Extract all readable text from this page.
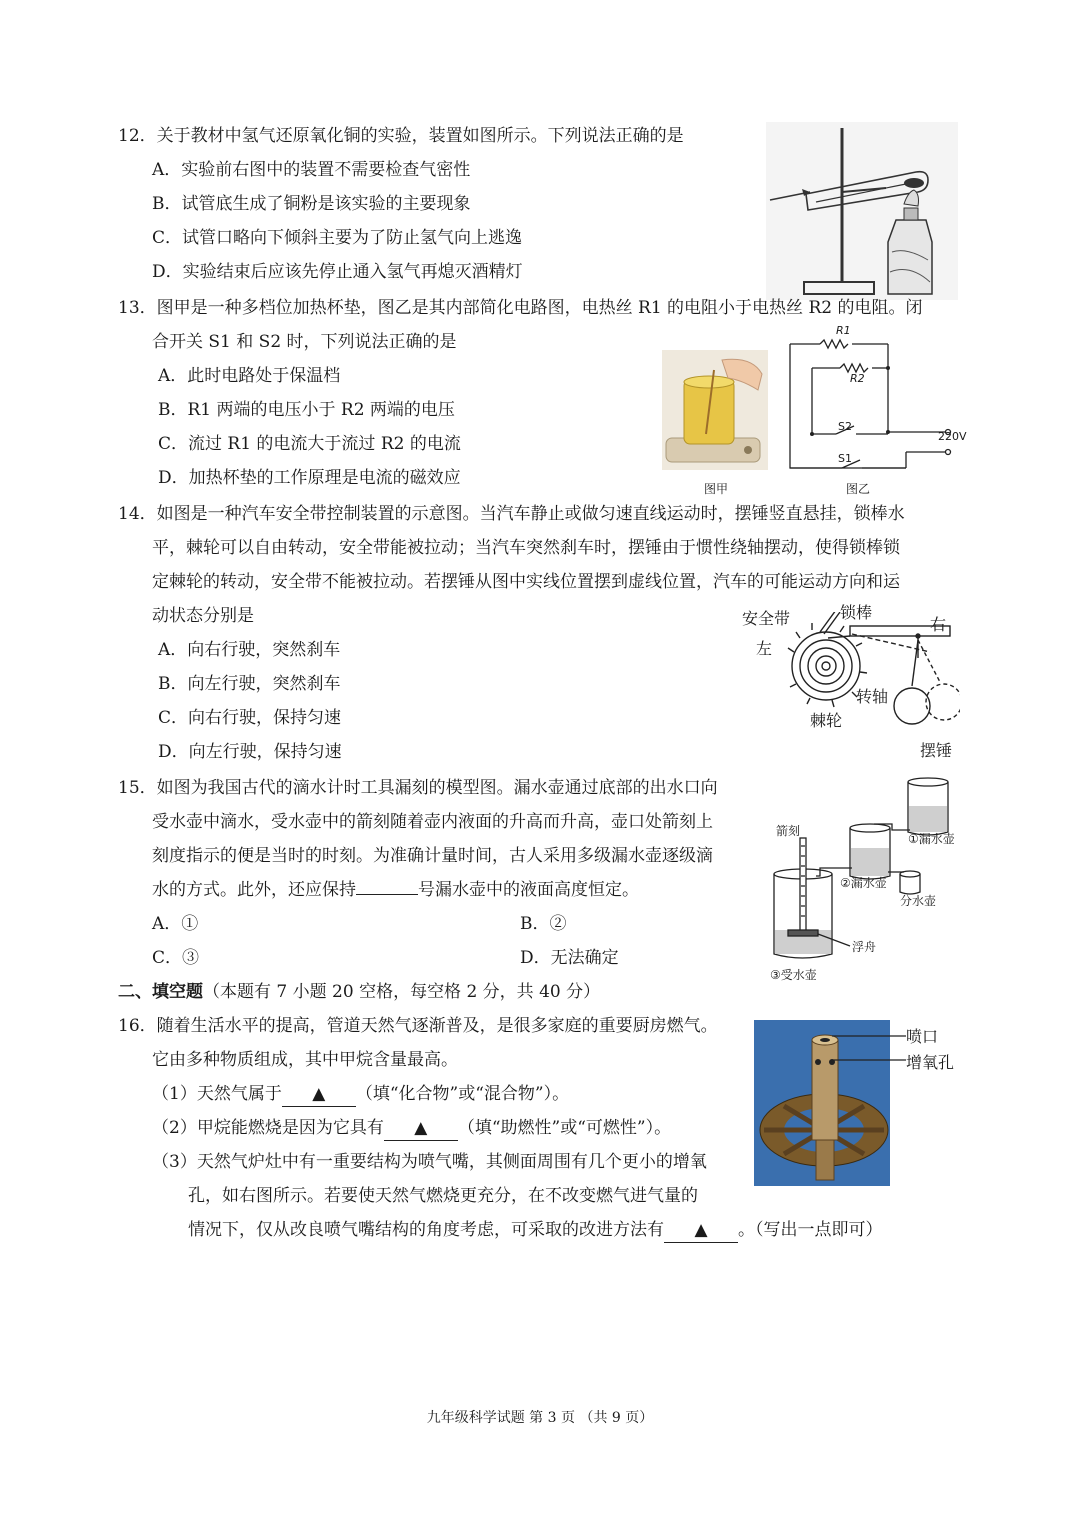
12．关于教材中氢气还原氧化铜的实验，装置如图所示。下列说法正确的是
A．实验前右图中的装置不需要检查气密性
B．试管底生成了铜粉是该实验的主要现象
C．试管口略向下倾斜主要为了防止氢气向上逃逸
D．实验结束后应该先停止通入氢气再熄灭酒精灯
13．图甲是一种多档位加热杯垫，图乙是其内部简化电路图，电热丝 R1 的电阻小于电热丝 R2 的电阻。闭
合开关 S1 和 S2 时，下列说法正确的是
A．此时电路处于保温档
B．R1 两端的电压小于 R2 两端的电压
C．流过 R1 的电流大于流过 R2 的电流
D．加热杯垫的工作原理是电流的磁效应
图甲
R1
R2
S2
S1
220V
图乙
14．如图是一种汽车安全带控制装置的示意图。当汽车静止或做匀速直线运动时，摆锤竖直悬挂，锁棒水
平，棘轮可以自由转动，安全带能被拉动；当汽车突然刹车时，摆锤由于惯性绕轴摆动，使得锁棒锁
定棘轮的转动，安全带不能被拉动。若摆锤从图中实线位置摆到虚线位置，汽车的可能运动方向和运
动状态分别是
A．向右行驶，突然刹车
B．向左行驶，突然刹车
C．向右行驶，保持匀速
D．向左行驶，保持匀速
安全带	锁棒
左
右
转轴
棘轮
摆锤
15．如图为我国古代的滴水计时工具漏刻的模型图。漏水壶通过底部的出水口向
受水壶中滴水，受水壶中的箭刻随着壶内液面的升高而升高，壶口处箭刻上
刻度指示的便是当时的时刻。为准确计量时间，古人采用多级漏水壶逐级滴
水的方式。此外，还应保持	号漏水壶中的液面高度恒定。
A．①	B．②
C．③	D．无法确定
箭刻
①漏水壶
②漏水壶
分水壶
浮舟
③受水壶
二、填空题（本题有 7 小题 20 空格，每空格 2 分，共 40 分）
16．随着生活水平的提高，管道天然气逐渐普及，是很多家庭的重要厨房燃气。
它由多种物质组成，其中甲烷含量最高。
（1）天然气属于 ▲ （填“化合物”或“混合物”）。
（2）甲烷能燃烧是因为它具有 ▲ （填“助燃性”或“可燃性”）。
（3）天然气炉灶中有一重要结构为喷气嘴，其侧面周围有几个更小的增氧
孔，如右图所示。若要使天然气燃烧更充分，在不改变燃气进气量的
情况下，仅从改良喷气嘴结构的角度考虑，可采取的改进方法有 ▲ 。（写出一点即可）
喷口
增氧孔
九年级科学试题 第 3 页 （共 9 页）
